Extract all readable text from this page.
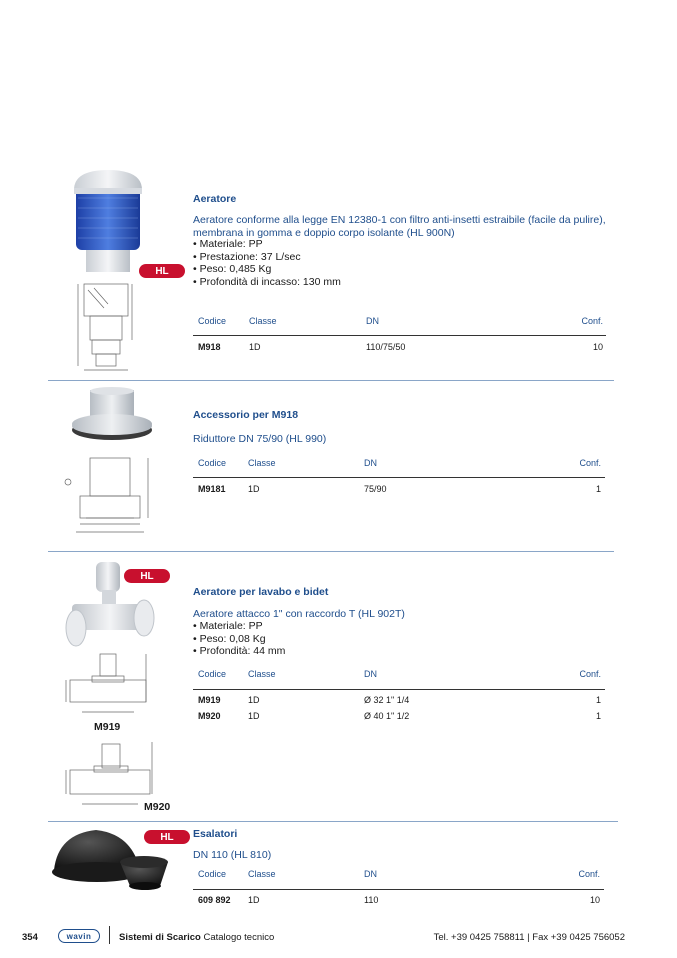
HL
Aeratore
Aeratore conforme alla legge EN 12380-1 con filtro anti-insetti estraibile (facile da pulire),
membrana in gomma e doppio corpo isolante (HL 900N)
• Materiale: PP
• Prestazione: 37 L/sec
• Peso: 0,485 Kg
• Profondità di incasso: 130 mm
Codice	Classe	DN	Conf.
M918	1D	110/75/50	10
Accessorio per M918
Riduttore DN 75/90 (HL 990)
Codice Classe	DN	Conf.
M9181 1D	75/90	1
HL
M919
M920
Aeratore per lavabo e bidet
Aeratore attacco 1" con raccordo T (HL 902T)
• Materiale: PP
• Peso: 0,08 Kg
• Profondità: 44 mm
Codice Classe	DN	Conf.
M919	1D	Ø 32 1" 1/4	1
M920	1D	Ø 40 1" 1/2	1
HL Esalatori
DN 110 (HL 810)
Codice Classe	DN	Conf.
609 892 1D	110	10
354	wavin	Sistemi di Scarico Catalogo tecnico	Tel. +39 0425 758811 | Fax +39 0425 756052
